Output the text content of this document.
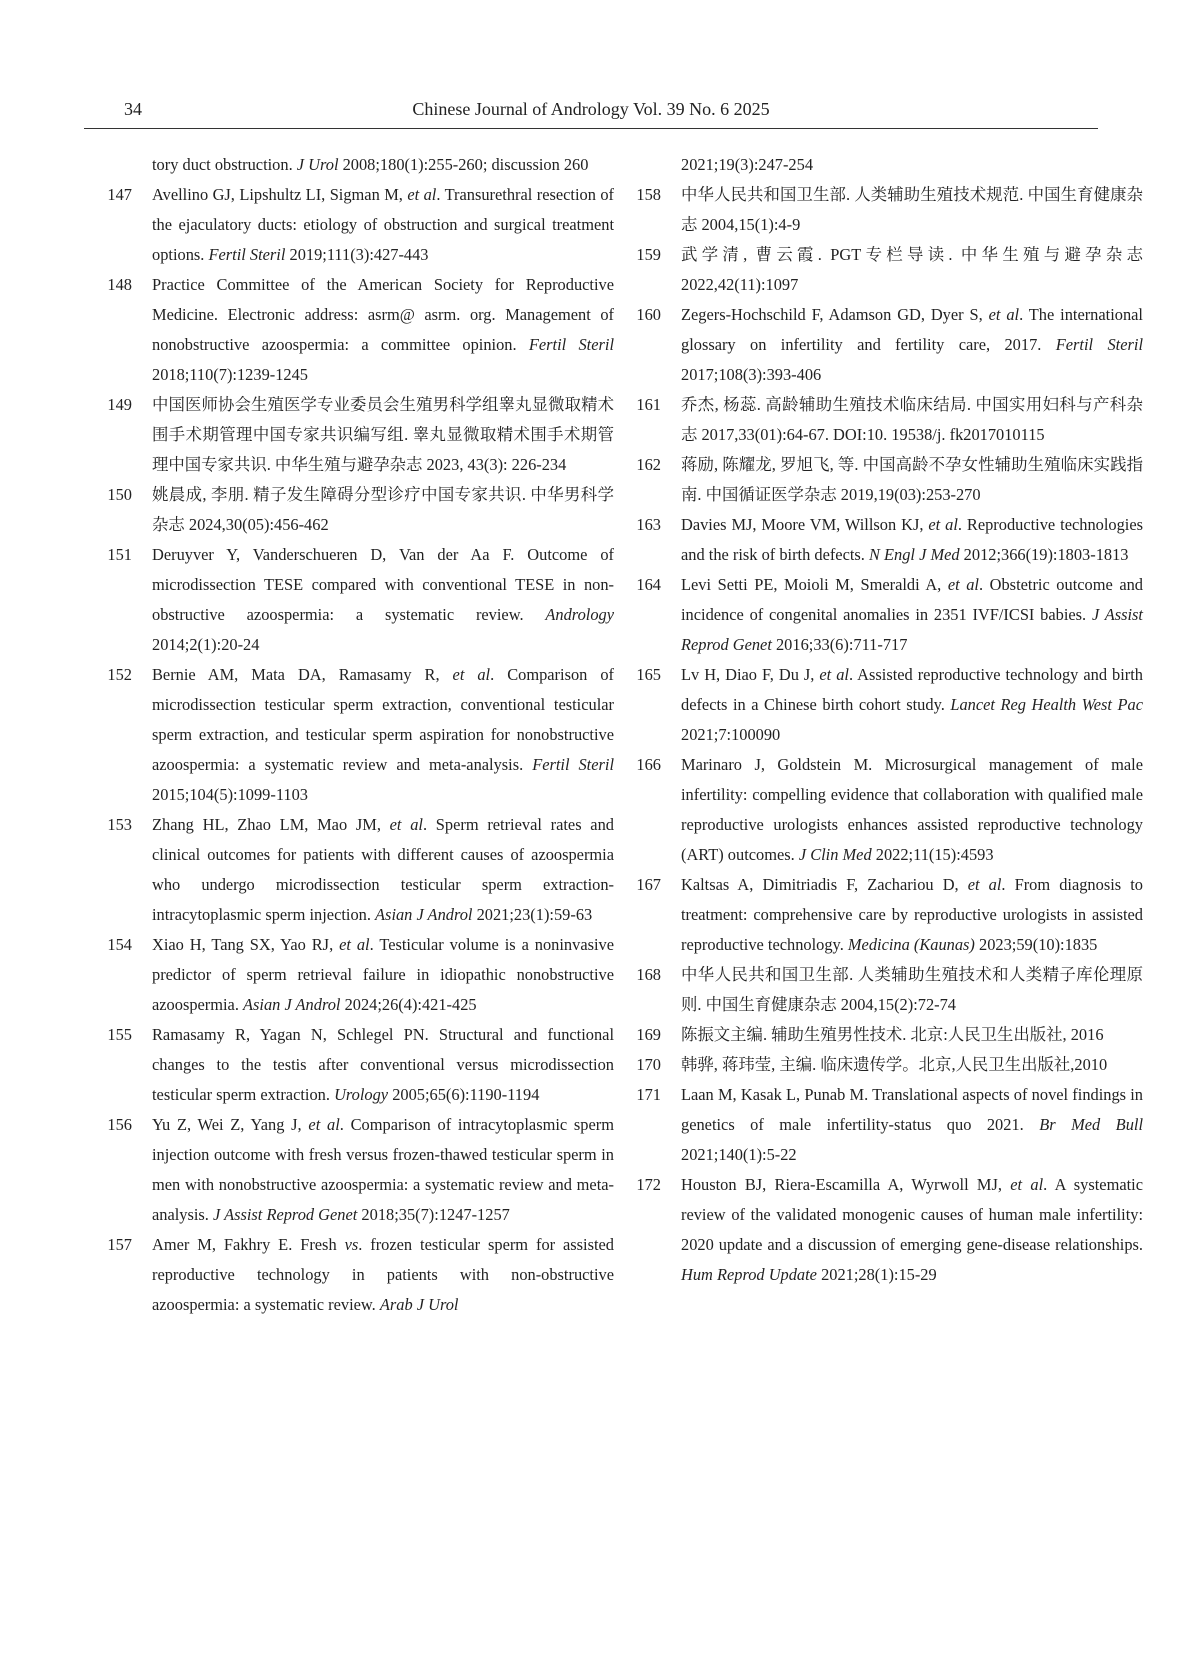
34	Chinese Journal of Andrology Vol. 39 No. 6 2025
tory duct obstruction. J Urol 2008;180(1):255-260; discussion 260
147 Avellino GJ, Lipshultz LI, Sigman M, et al. Transurethral resection of the ejaculatory ducts: etiology of obstruction and surgical treatment options. Fertil Steril 2019;111(3):427-443
148 Practice Committee of the American Society for Reproductive Medicine. Electronic address: asrm@ asrm. org. Management of nonobstructive azoospermia: a committee opinion. Fertil Steril 2018;110(7):1239-1245
149 中国医师协会生殖医学专业委员会生殖男科学组睾丸显微取精术围手术期管理中国专家共识编写组. 睾丸显微取精术围手术期管理中国专家共识. 中华生殖与避孕杂志 2023, 43(3): 226-234
150 姚晨成, 李朋. 精子发生障碍分型诊疗中国专家共识. 中华男科学杂志 2024,30(05):456-462
151 Deruyver Y, Vanderschueren D, Van der Aa F. Outcome of microdissection TESE compared with conventional TESE in non-obstructive azoospermia: a systematic review. Andrology 2014;2(1):20-24
152 Bernie AM, Mata DA, Ramasamy R, et al. Comparison of microdissection testicular sperm extraction, conventional testicular sperm extraction, and testicular sperm aspiration for nonobstructive azoospermia: a systematic review and meta-analysis. Fertil Steril 2015;104(5):1099-1103
153 Zhang HL, Zhao LM, Mao JM, et al. Sperm retrieval rates and clinical outcomes for patients with different causes of azoospermia who undergo microdissection testicular sperm extraction-intracytoplasmic sperm injection. Asian J Androl 2021;23(1):59-63
154 Xiao H, Tang SX, Yao RJ, et al. Testicular volume is a noninvasive predictor of sperm retrieval failure in idiopathic nonobstructive azoospermia. Asian J Androl 2024;26(4):421-425
155 Ramasamy R, Yagan N, Schlegel PN. Structural and functional changes to the testis after conventional versus microdissection testicular sperm extraction. Urology 2005;65(6):1190-1194
156 Yu Z, Wei Z, Yang J, et al. Comparison of intracytoplasmic sperm injection outcome with fresh versus frozen-thawed testicular sperm in men with nonobstructive azoospermia: a systematic review and meta-analysis. J Assist Reprod Genet 2018;35(7):1247-1257
157 Amer M, Fakhry E. Fresh vs. frozen testicular sperm for assisted reproductive technology in patients with non-obstructive azoospermia: a systematic review. Arab J Urol
2021;19(3):247-254
158 中华人民共和国卫生部. 人类辅助生殖技术规范. 中国生育健康杂志 2004,15(1):4-9
159 武学清, 曹云霞. PGT专栏导读. 中华生殖与避孕杂志 2022,42(11):1097
160 Zegers-Hochschild F, Adamson GD, Dyer S, et al. The international glossary on infertility and fertility care, 2017. Fertil Steril 2017;108(3):393-406
161 乔杰, 杨蕊. 高龄辅助生殖技术临床结局. 中国实用妇科与产科杂志 2017,33(01):64-67. DOI:10. 19538/j. fk2017010115
162 蒋励, 陈耀龙, 罗旭飞, 等. 中国高龄不孕女性辅助生殖临床实践指南. 中国循证医学杂志 2019,19(03):253-270
163 Davies MJ, Moore VM, Willson KJ, et al. Reproductive technologies and the risk of birth defects. N Engl J Med 2012;366(19):1803-1813
164 Levi Setti PE, Moioli M, Smeraldi A, et al. Obstetric outcome and incidence of congenital anomalies in 2351 IVF/ICSI babies. J Assist Reprod Genet 2016;33(6):711-717
165 Lv H, Diao F, Du J, et al. Assisted reproductive technology and birth defects in a Chinese birth cohort study. Lancet Reg Health West Pac 2021;7:100090
166 Marinaro J, Goldstein M. Microsurgical management of male infertility: compelling evidence that collaboration with qualified male reproductive urologists enhances assisted reproductive technology (ART) outcomes. J Clin Med 2022;11(15):4593
167 Kaltsas A, Dimitriadis F, Zachariou D, et al. From diagnosis to treatment: comprehensive care by reproductive urologists in assisted reproductive technology. Medicina (Kaunas) 2023;59(10):1835
168 中华人民共和国卫生部. 人类辅助生殖技术和人类精子库伦理原则. 中国生育健康杂志 2004,15(2):72-74
169 陈振文主编. 辅助生殖男性技术. 北京:人民卫生出版社, 2016
170 韩骅, 蒋玮莹, 主编. 临床遗传学。北京,人民卫生出版社,2010
171 Laan M, Kasak L, Punab M. Translational aspects of novel findings in genetics of male infertility-status quo 2021. Br Med Bull 2021;140(1):5-22
172 Houston BJ, Riera-Escamilla A, Wyrwoll MJ, et al. A systematic review of the validated monogenic causes of human male infertility: 2020 update and a discussion of emerging gene-disease relationships. Hum Reprod Update 2021;28(1):15-29
